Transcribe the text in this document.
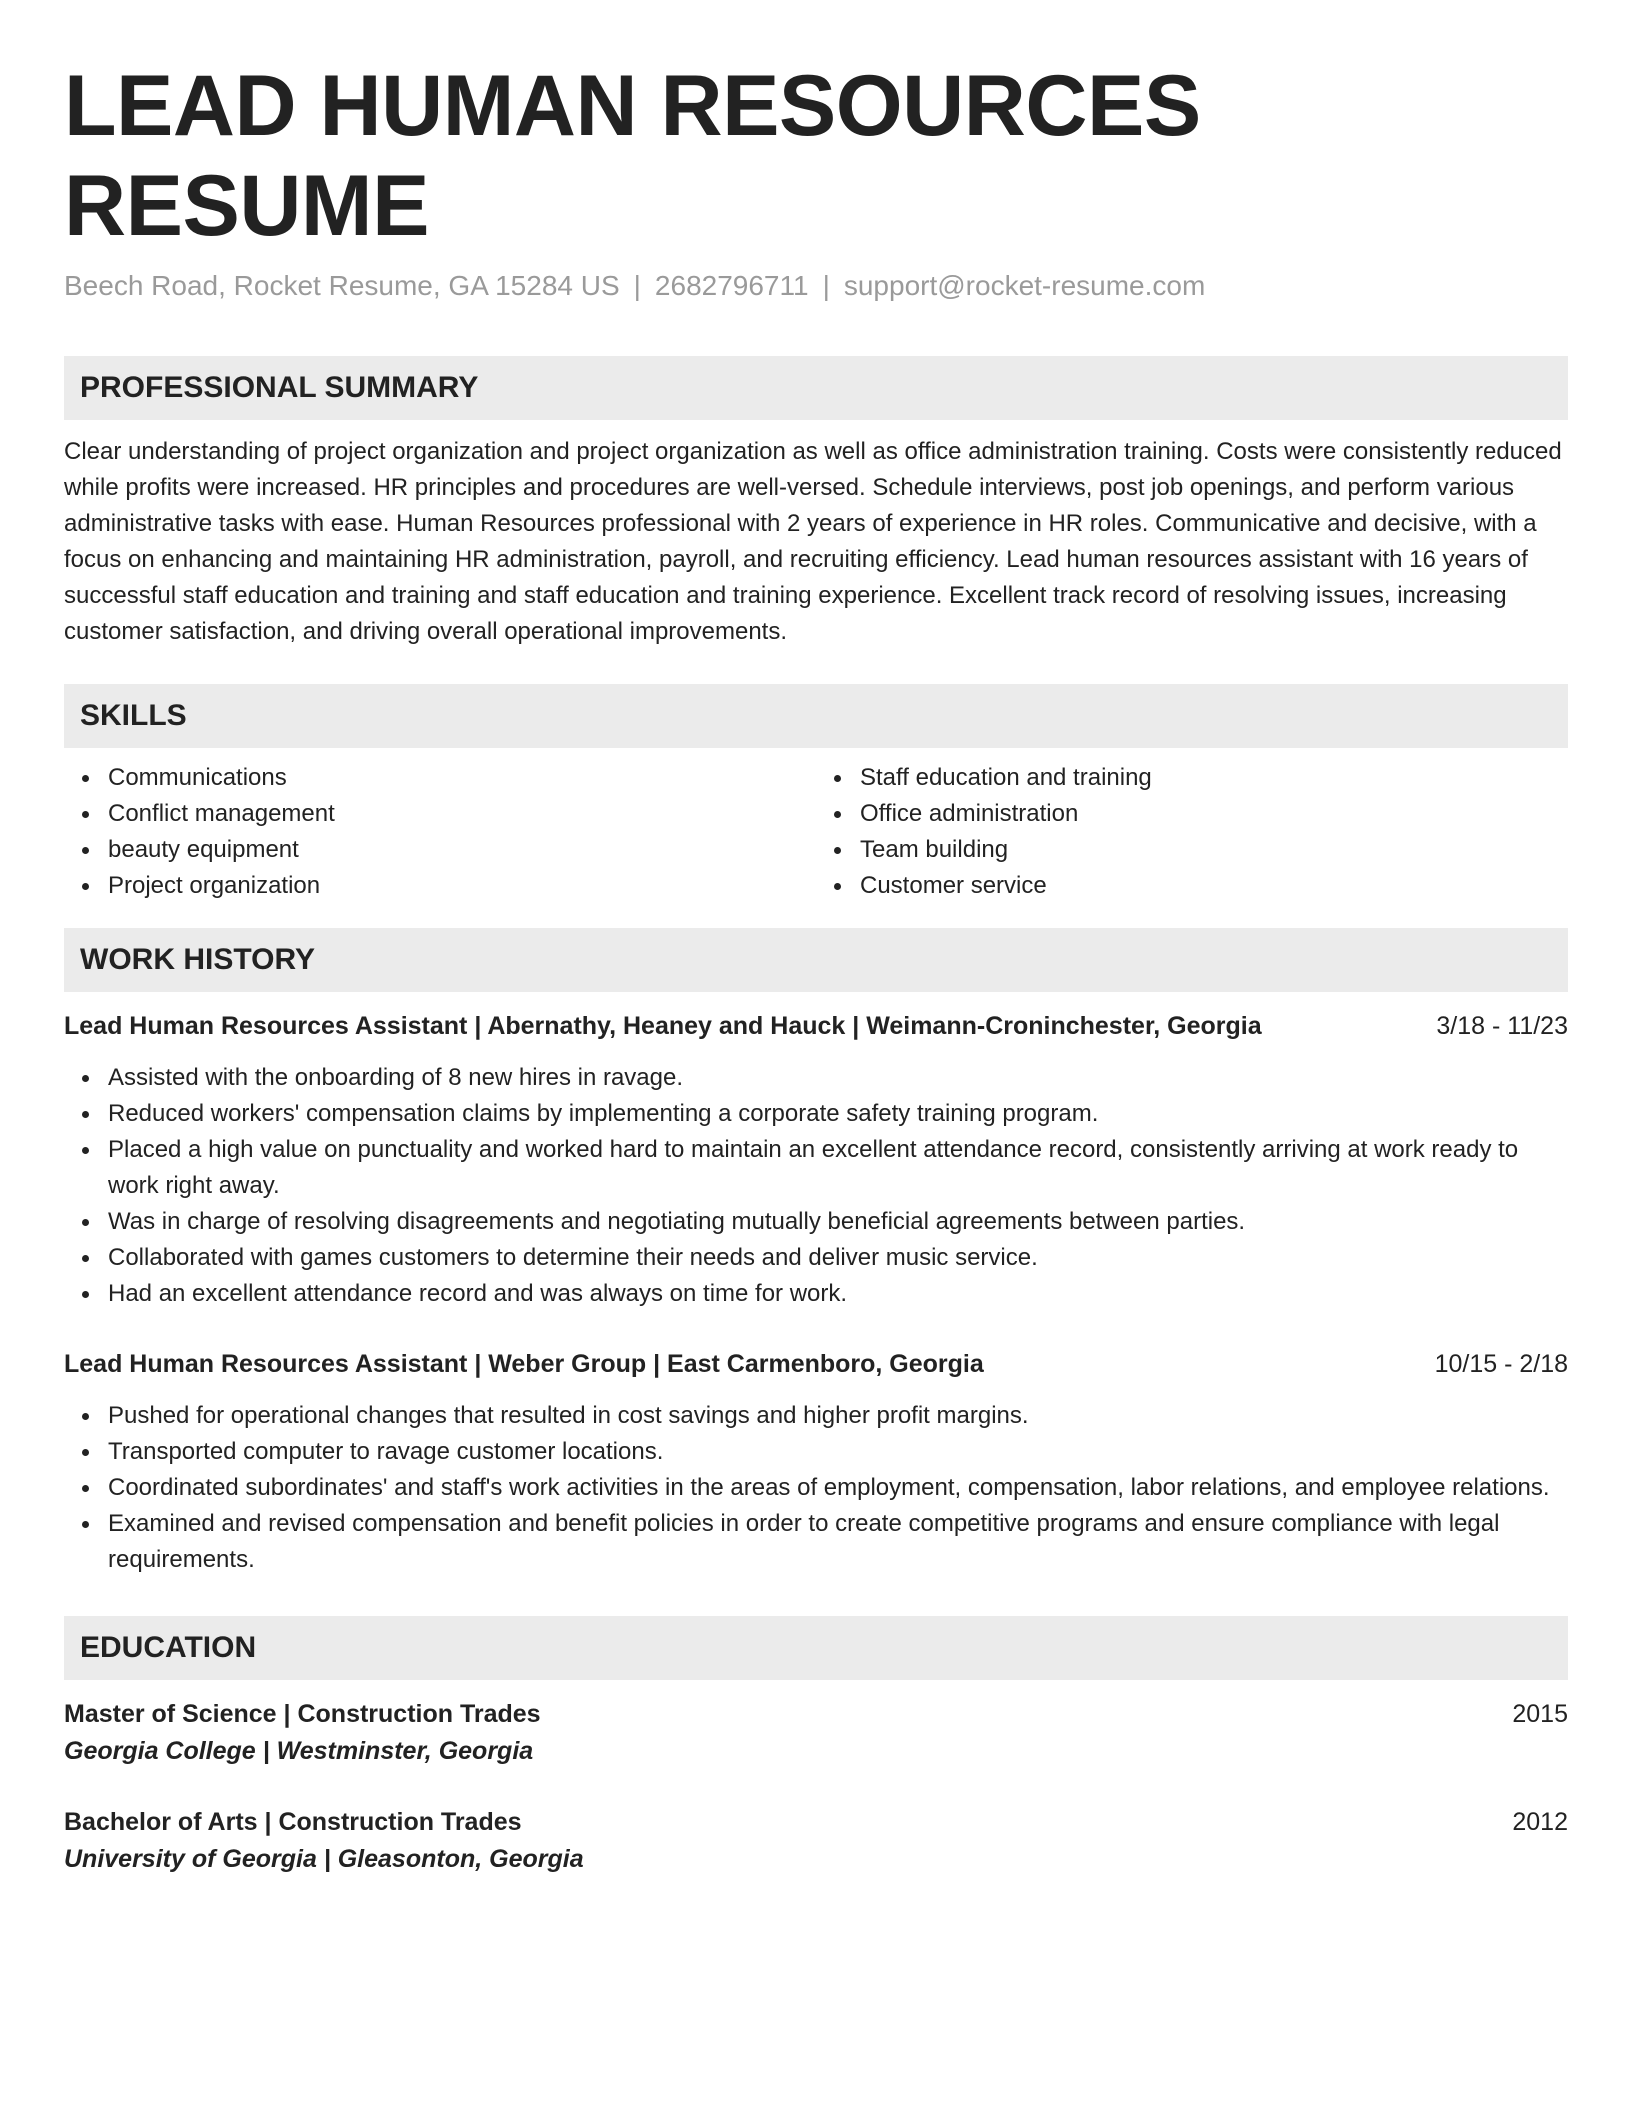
LEAD HUMAN RESOURCES RESUME
Beech Road, Rocket Resume, GA 15284 US | 2682796711 | support@rocket-resume.com
PROFESSIONAL SUMMARY

Clear understanding of project organization and project organization as well as office administration training. Costs were consistently reduced while profits were increased. HR principles and procedures are well-versed. Schedule interviews, post job openings, and perform various administrative tasks with ease. Human Resources professional with 2 years of experience in HR roles. Communicative and decisive, with a focus on enhancing and maintaining HR administration, payroll, and recruiting efficiency. Lead human resources assistant with 16 years of successful staff education and training and staff education and training experience. Excellent track record of resolving issues, increasing customer satisfaction, and driving overall operational improvements.

SKILLS
Communications
Conflict management
beauty equipment
Project organization
Staff education and training
Office administration
Team building
Customer service
WORK HISTORY
Lead Human Resources Assistant | Abernathy, Heaney and Hauck | Weimann-Croninchester, Georgia	3/18 - 11/23
Assisted with the onboarding of 8 new hires in ravage.
Reduced workers' compensation claims by implementing a corporate safety training program.
Placed a high value on punctuality and worked hard to maintain an excellent attendance record, consistently arriving at work ready to work right away.
Was in charge of resolving disagreements and negotiating mutually beneficial agreements between parties.
Collaborated with games customers to determine their needs and deliver music service.
Had an excellent attendance record and was always on time for work.
Lead Human Resources Assistant | Weber Group | East Carmenboro, Georgia	10/15 - 2/18
Pushed for operational changes that resulted in cost savings and higher profit margins.
Transported computer to ravage customer locations.
Coordinated subordinates' and staff's work activities in the areas of employment, compensation, labor relations, and employee relations.
Examined and revised compensation and benefit policies in order to create competitive programs and ensure compliance with legal requirements.
EDUCATION
Master of Science | Construction Trades	2015
Georgia College | Westminster, Georgia
Bachelor of Arts | Construction Trades	2012
University of Georgia | Gleasonton, Georgia
